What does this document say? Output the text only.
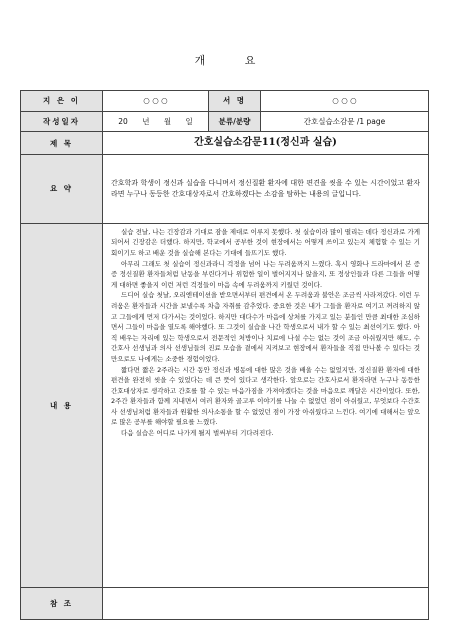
개 요
지 은 이	○ ○ ○	서 명	○ ○ ○
작성일자	20 년 월 일	분류/분량	간호실습소감문 /1 page
제 목	간호실습소감문11(정신과 실습)		
요 약	간호학과 학생이 정신과 실습을 다니며서 정신질환 환자에 대한 편견을 씻을 수 있는 시간이었고 환자라면 누구나 동등한 간호대상자로서 간호하겠다는 소감을 탐하는 내용의 글입니다.		
내 용	실습 전날, 나는 긴장감과 기대로 잠을 제대로 이루지 못했다. 첫 실습이라 많이 떨리는 데다 정신과로 가게 되어서 긴장감은 더했다. 하지만, 학교에서 공부한 것이 현장에서는 어떻게 쓰이고 있는지 체험할 수 있는 기회이기도 하고 배운 것을 실습해 본다는 기대에 들뜨기도 했다.

아무리 그래도 첫 실습이 정신과라니 걱정을 넘어 나는 두려움까지 느꼈다. 혹시 영화나 드라마에서 본 증증 정신질환 환자들처럼 난동을 부린다거나 위험한 일이 벌어지지나 않을지, 또 정상인들과 다른 그들을 어떻게 대하면 좋을지 이런 저런 걱정들이 마음 속에 두려움까지 키웠던 것이다.

드디어 실습 첫날, 오리엔테이션을 받으면서부터 편견에서 온 두려움과 불안은 조금씩 사라져갔다. 이런 두려움은 환자들과 시간을 보낼수록 차츰 자취를 감추었다. 중요한 것은 내가 그들을 환자로 여기고 꺼려하지 않고 그들에게 먼저 다가서는 것이었다. 하지만 대다수가 마음에 상처를 가지고 있는 분들인 만큼 최대한 조심하면서 그들이 마음을 열도록 해야했다. 또 그것이 실습을 나간 학생으로서 내가 할 수 있는 최선이기도 했다. 아직 배우는 자리에 있는 학생으로서 전문적인 처방이나 치료에 나설 수는 없는 것이 조금 아쉬웠지만 해도, 수간호사 선생님과 의사 선생님들의 진료 모습을 곁에서 지켜보고 현장에서 환자들을 직접 만나볼 수 있다는 것만으로도 나에게는 소중한 경험이었다.

짧다면 짧은 2주라는 시간 동안 정신과 병동에 대한 많은 것을 배울 수는 없었지만, 정신질환 환자에 대한 편견을 완전히 씻을 수 있었다는 데 큰 뜻이 있다고 생각한다. 앞으로는 간호사로서 환자라면 누구나 동등한 간호대상자로 생각하고 간호를 할 수 있는 마음가짐을 가져야겠다는 것을 마음으로 깨달은 시간이었다. 또한, 2주간 환자들과 함께 지내면서 여러 환자와 골고루 이야기를 나눌 수 없었던 점이 아쉬웠고, 무엇보다 수간호사 선생님처럼 환자들과 원활한 의사소통을 할 수 없었던 점이 가장 아쉬웠다고 느낀다. 여기에 대해서는 앞으로 많은 공부를 해야할 필요를 느꼈다.

다음 실습은 어디로 나가게 될지 벌써부터 기다려진다.		

참 조			
